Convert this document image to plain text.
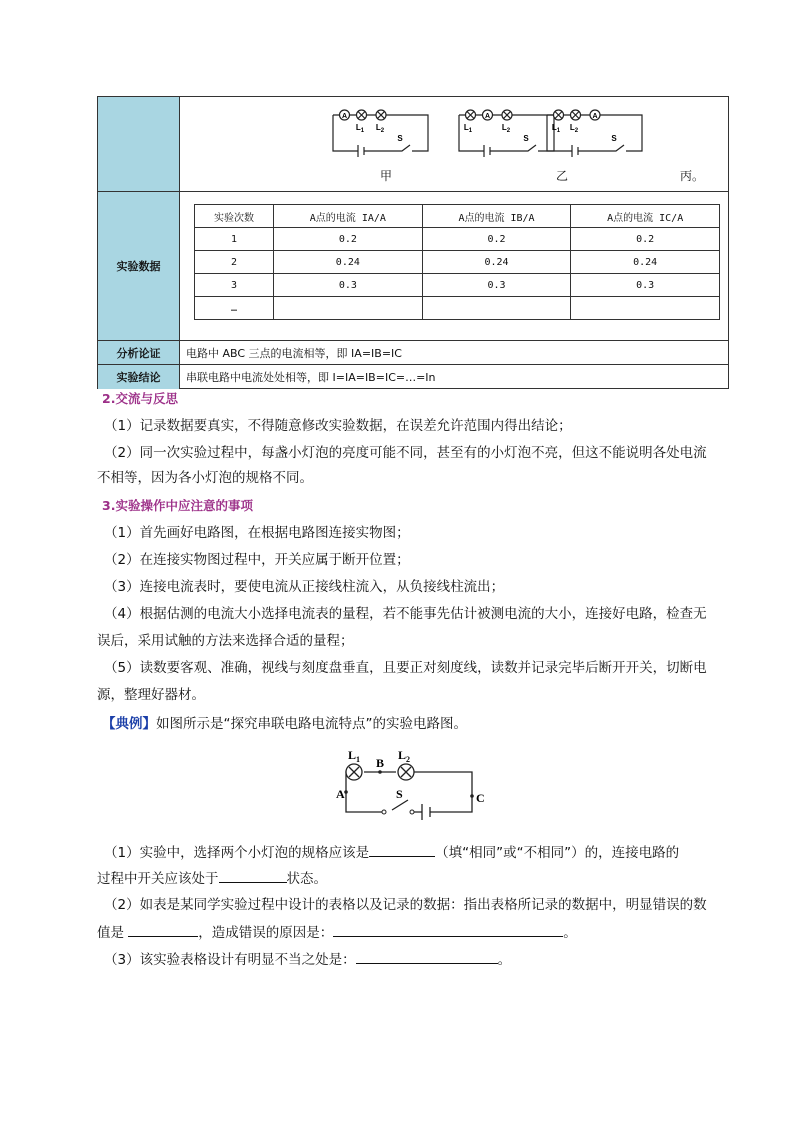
A
$L_1$ $L_2$
S
甲
A
$L_1$	$L_2$
S
乙
A
$L_1$ $L_2$
S
丙。
实验数据
实验次数	A点的电流 IA/A	A点的电流 IB/A	A点的电流 IC/A
1	0.2	0.2	0.2
2	0.24	0.24	0.24
3	0.3	0.3	0.3
…			
分析论证	电路中 ABC 三点的电流相等，即 IA=IB=IC
实验结论	串联电路中电流处处相等，即 I=IA=IB=IC=…=In
2.交流与反思
（1）记录数据要真实，不得随意修改实验数据，在误差允许范围内得出结论；
（2）同一次实验过程中，每盏小灯泡的亮度可能不同，甚至有的小灯泡不亮，但这不能说明各处电流
不相等，因为各小灯泡的规格不同。
3.实验操作中应注意的事项
（1）首先画好电路图，在根据电路图连接实物图；
（2）在连接实物图过程中，开关应属于断开位置；
（3）连接电流表时，要使电流从正接线柱流入，从负接线柱流出；
（4）根据估测的电流大小选择电流表的量程，若不能事先估计被测电流的大小，连接好电路，检查无
误后，采用试触的方法来选择合适的量程；
（5）读数要客观、准确，视线与刻度盘垂直，且要正对刻度线，读数并记录完毕后断开开关，切断电
源，整理好器材。
【典例】如图所示是“探究串联电路电流特点”的实验电路图。
$L_1$	$L_2$
B
A	C
S
（1）实验中，选择两个小灯泡的规格应该是	（填“相同”或“不相同”）的，连接电路的
过程中开关应该处于	状态。
（2）如表是某同学实验过程中设计的表格以及记录的数据：指出表格所记录的数据中，明显错误的数
值是	，造成错误的原因是：	。
（3）该实验表格设计有明显不当之处是：	。
